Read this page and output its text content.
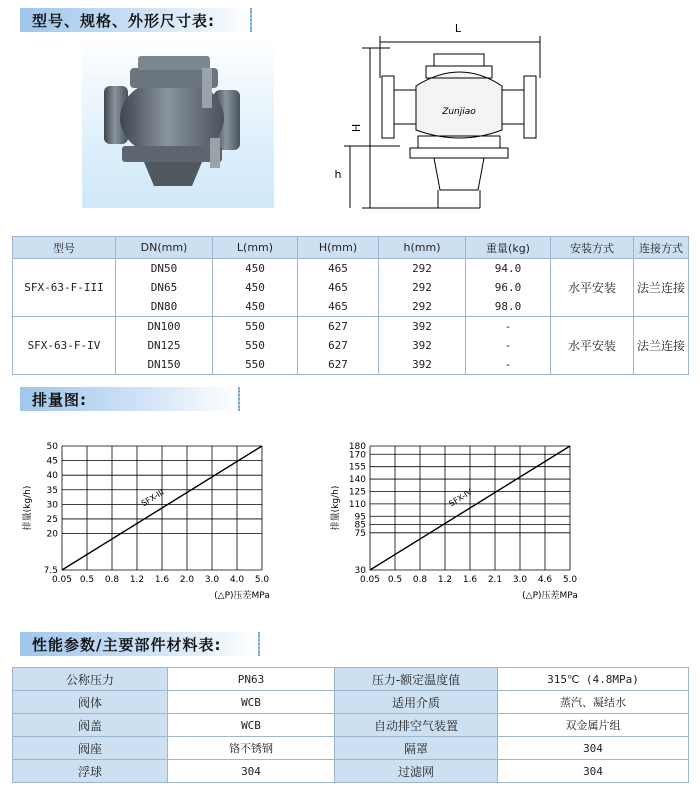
型号、规格、外形尺寸表:	L
H
h
Zunjiao
型号	DN(mm)	L(mm)	H(mm)	h(mm)	重量(kg)	安装方式	连接方式
SFX-63-F-III	DN50	450	465	292	94.0	水平安装	法兰连接
	DN65	450	465	292	96.0		
	DN80	450	465	292	98.0		
SFX-63-F-IV	DN100	550	627	392	-	水平安装	法兰连接
	DN125	550	627	392	-		
	DN150	550	627	392	-		
排量图:
7.5
20
25
30
35
40
45
50
0.05 0.5 0.8 1.2 1.6 2.0 3.0 4.0 5.0
SFX-III
排量(kg/h)
(△P)压差MPa
30
75
85
95
110
125
140
155
170
180
0.05 0.5 0.8 1.2 1.6 2.1 3.0 4.6 5.0
SFX-IV
排量(kg/h)
(△P)压差MPa
性能参数/主要部件材料表:
公称压力	PN63	压力-额定温度值	315℃ (4.8MPa)
阀体	WCB	适用介质	蒸汽、凝结水
阀盖	WCB	自动排空气装置	双金属片组
阀座	铬不锈钢	隔罩	304
浮球	304	过滤网	304
